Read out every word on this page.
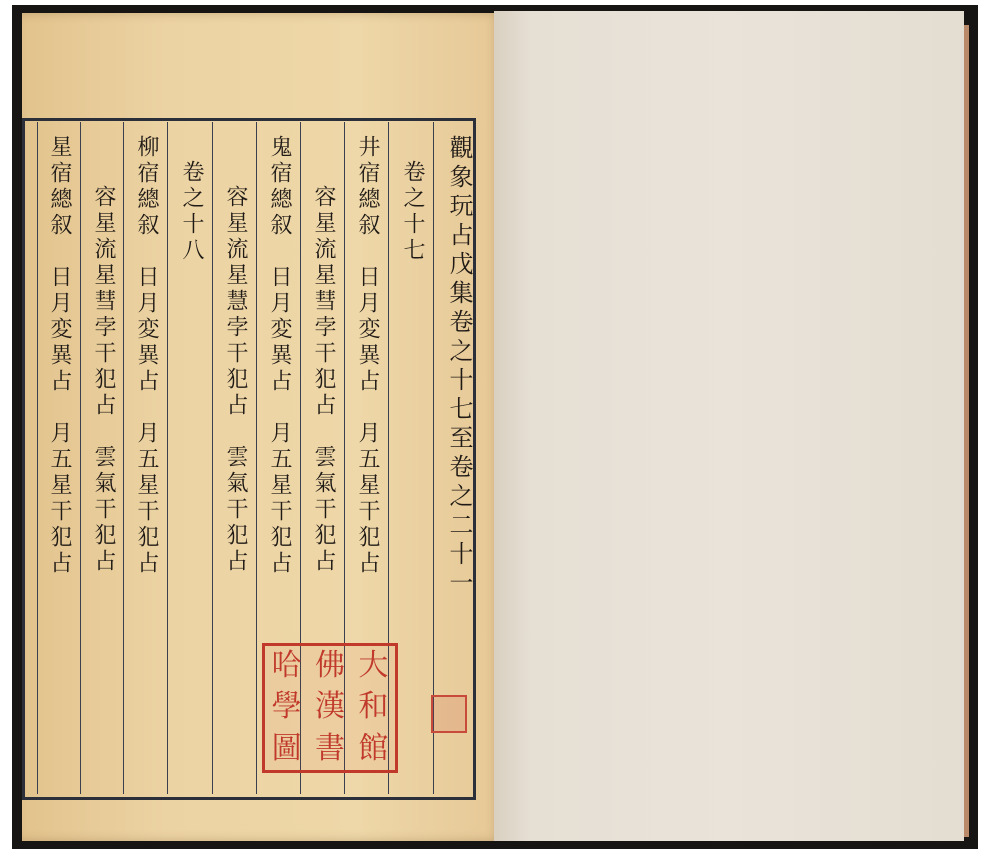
觀象玩占戊集卷之十七至卷之二十一
卷之十七
井宿總叙　日月変異占　月五星干犯占
容星流星彗孛干犯占　雲氣干犯占
鬼宿總叙　日月変異占　月五星干犯占
容星流星慧孛干犯占　雲氣干犯占
卷之十八
柳宿總叙　日月変異占　月五星干犯占
容星流星彗孛干犯占　雲氣干犯占
星宿總叙　日月変異占　月五星干犯占
哈 佛 大
學 漢 和
圖 書 館
